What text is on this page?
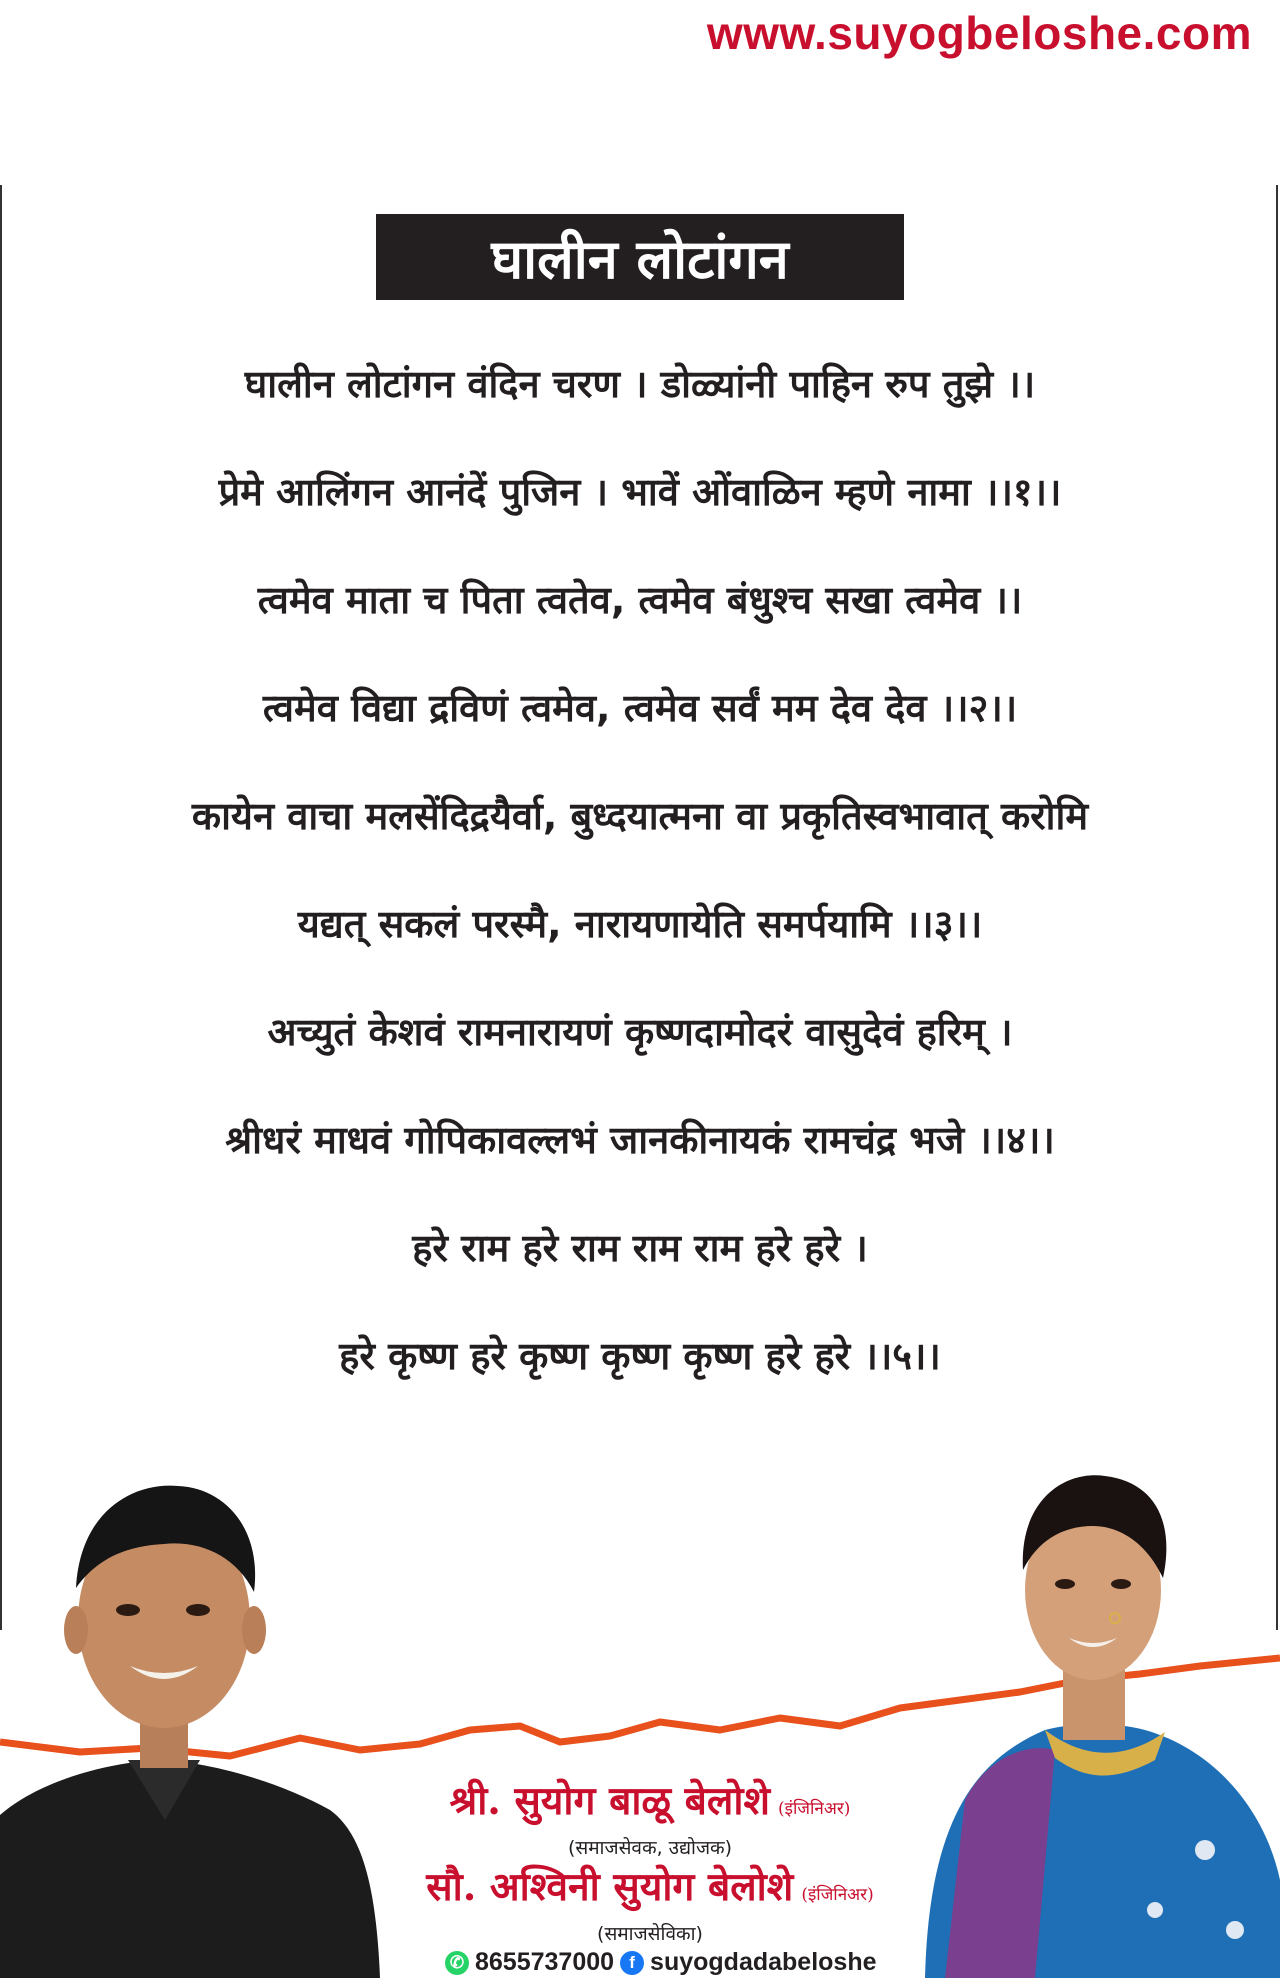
www.suyogbeloshe.com
घालीन लोटांगन
घालीन लोटांगन वंदिन चरण । डोळ्यांनी पाहिन रुप तुझे ।।
प्रेमे आलिंगन आनंदें पुजिन । भावें ओंवाळिन म्हणे नामा ।।१।।
त्वमेव माता च पिता त्वतेव, त्वमेव बंधुश्च सखा त्वमेव ।।
त्वमेव विद्या द्रविणं त्वमेव, त्वमेव सर्वं मम देव देव ।।२।।
कायेन वाचा मलसेंदिद्रयैर्वा, बुध्दयात्मना वा प्रकृतिस्वभावात् करोमि
यद्यत् सकलं परस्मै, नारायणायेति समर्पयामि ।।३।।
अच्युतं केशवं रामनारायणं कृष्णदामोदरं वासुदेवं हरिम् ।
श्रीधरं माधवं गोपिकावल्लभं जानकीनायकं रामचंद्र भजे ।।४।।
हरे राम हरे राम राम राम हरे हरे ।
हरे कृष्ण हरे कृष्ण कृष्ण कृष्ण हरे हरे ।।५।।
श्री. सुयोग बाळू बेलोशे (इंजिनिअर)
(समाजसेवक, उद्योजक)
सौ. अश्विनी सुयोग बेलोशे (इंजिनिअर)
(समाजसेविका)
✆ 8655737000 f suyogdadabeloshe
